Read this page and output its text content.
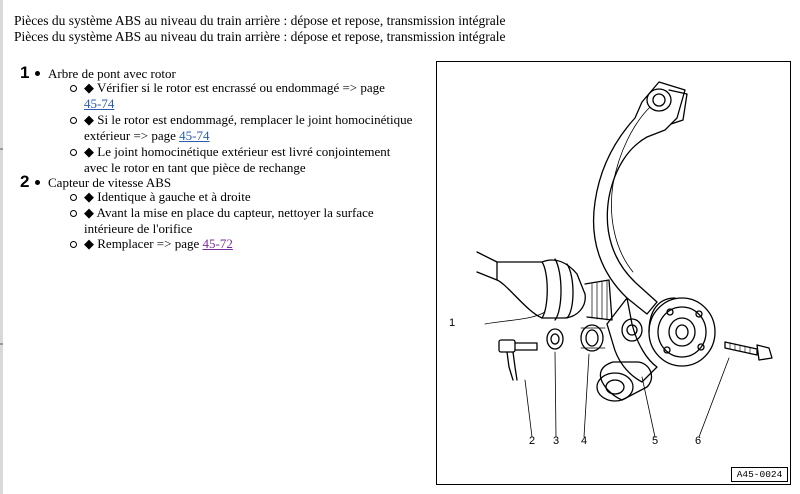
Pièces du système ABS au niveau du train arrière : dépose et repose, transmission intégrale
Pièces du système ABS au niveau du train arrière : dépose et repose, transmission intégrale
1 Arbre de pont avec rotor
◆ Vérifier si le rotor est encrassé ou endommagé => page
45-74
◆ Si le rotor est endommagé, remplacer le joint homocinétique extérieur => page 45-74
◆ Le joint homocinétique extérieur est livré conjointement avec le rotor en tant que pièce de rechange
2 Capteur de vitesse ABS
◆ Identique à gauche et à droite
◆ Avant la mise en place du capteur, nettoyer la surface intérieure de l'orifice
◆ Remplacer => page 45-72
1
2 3 4	5	6
A45-0024
